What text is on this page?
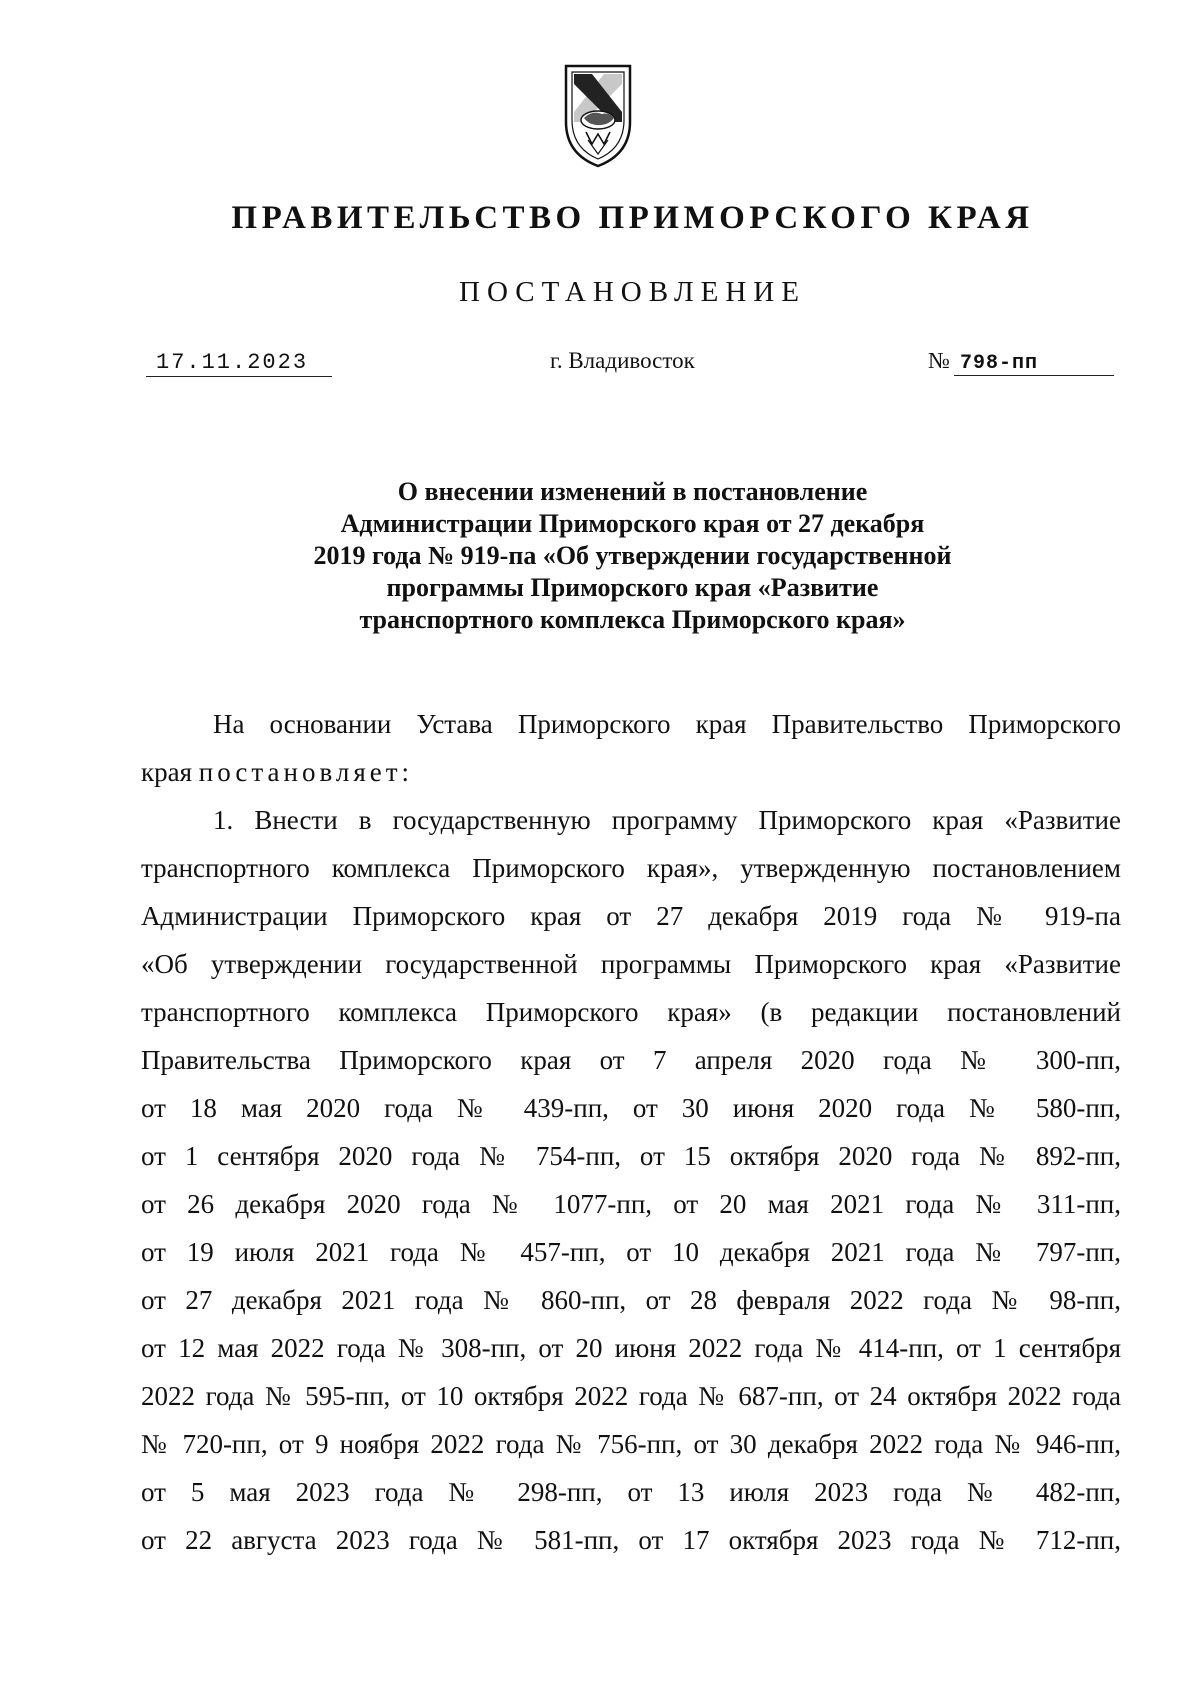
ПРАВИТЕЛЬСТВО ПРИМОРСКОГО КРАЯ
ПОСТАНОВЛЕНИЕ
17.11.2023	г. Владивосток	№ 798-пп
О внесении изменений в постановление
Администрации Приморского края от 27 декабря
2019 года № 919-па «Об утверждении государственной
программы Приморского края «Развитие
транспортного комплекса Приморского края»
На основании Устава Приморского края Правительство Приморского
края постановляет:
1. Внести в государственную программу Приморского края «Развитие
транспортного комплекса Приморского края», утвержденную постановлением
Администрации Приморского края от 27 декабря 2019 года № 919-па
«Об утверждении государственной программы Приморского края «Развитие
транспортного комплекса Приморского края» (в редакции постановлений
Правительства Приморского края от 7 апреля 2020 года № 300-пп,
от 18 мая 2020 года № 439-пп, от 30 июня 2020 года № 580-пп,
от 1 сентября 2020 года № 754-пп, от 15 октября 2020 года № 892-пп,
от 26 декабря 2020 года № 1077-пп, от 20 мая 2021 года № 311-пп,
от 19 июля 2021 года № 457-пп, от 10 декабря 2021 года № 797-пп,
от 27 декабря 2021 года № 860-пп, от 28 февраля 2022 года № 98-пп,
от 12 мая 2022 года № 308-пп, от 20 июня 2022 года № 414-пп, от 1 сентября
2022 года № 595-пп, от 10 октября 2022 года № 687-пп, от 24 октября 2022 года
№ 720-пп, от 9 ноября 2022 года № 756-пп, от 30 декабря 2022 года № 946-пп,
от 5 мая 2023 года № 298-пп, от 13 июля 2023 года № 482-пп,
от 22 августа 2023 года № 581-пп, от 17 октября 2023 года № 712-пп,
